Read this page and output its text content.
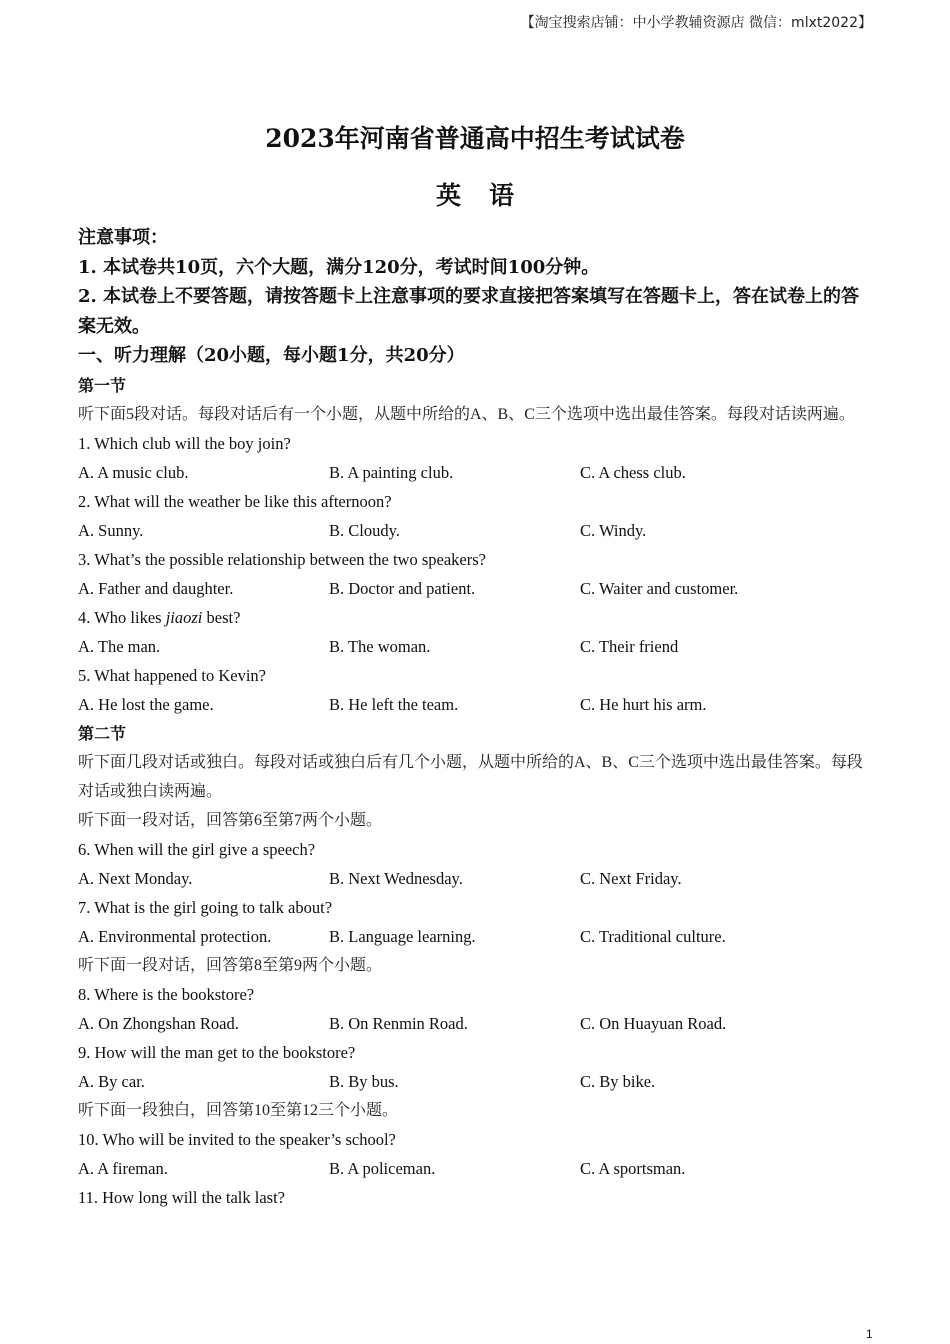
【淘宝搜索店铺：中小学教辅资源店 微信：mlxt2022】
2023年河南省普通高中招生考试试卷
英语
注意事项：
1. 本试卷共10页，六个大题，满分120分，考试时间100分钟。
2. 本试卷上不要答题，请按答题卡上注意事项的要求直接把答案填写在答题卡上，答在试卷上的答案无效。
一、听力理解（20小题，每小题1分，共20分）
第一节
听下面5段对话。每段对话后有一个小题，从题中所给的A、B、C三个选项中选出最佳答案。每段对话读两遍。
1. Which club will the boy join?
A. A music club.	B. A painting club.	C. A chess club.
2. What will the weather be like this afternoon?
A. Sunny.	B. Cloudy.	C. Windy.
3. What’s the possible relationship between the two speakers?
A. Father and daughter.	B. Doctor and patient.	C. Waiter and customer.
4. Who likes jiaozi best?
A. The man.	B. The woman.	C. Their friend
5. What happened to Kevin?
A. He lost the game.	B. He left the team.	C. He hurt his arm.
第二节
听下面几段对话或独白。每段对话或独白后有几个小题，从题中所给的A、B、C三个选项中选出最佳答案。每段对话或独白读两遍。
听下面一段对话，回答第6至第7两个小题。
6. When will the girl give a speech?
A. Next Monday.	B. Next Wednesday.	C. Next Friday.
7. What is the girl going to talk about?
A. Environmental protection.	B. Language learning.	C. Traditional culture.
听下面一段对话，回答第8至第9两个小题。
8. Where is the bookstore?
A. On Zhongshan Road.	B. On Renmin Road.	C. On Huayuan Road.
9. How will the man get to the bookstore?
A. By car.	B. By bus.	C. By bike.
听下面一段独白，回答第10至第12三个小题。
10. Who will be invited to the speaker’s school?
A. A fireman.	B. A policeman.	C. A sportsman.
11. How long will the talk last?
1
